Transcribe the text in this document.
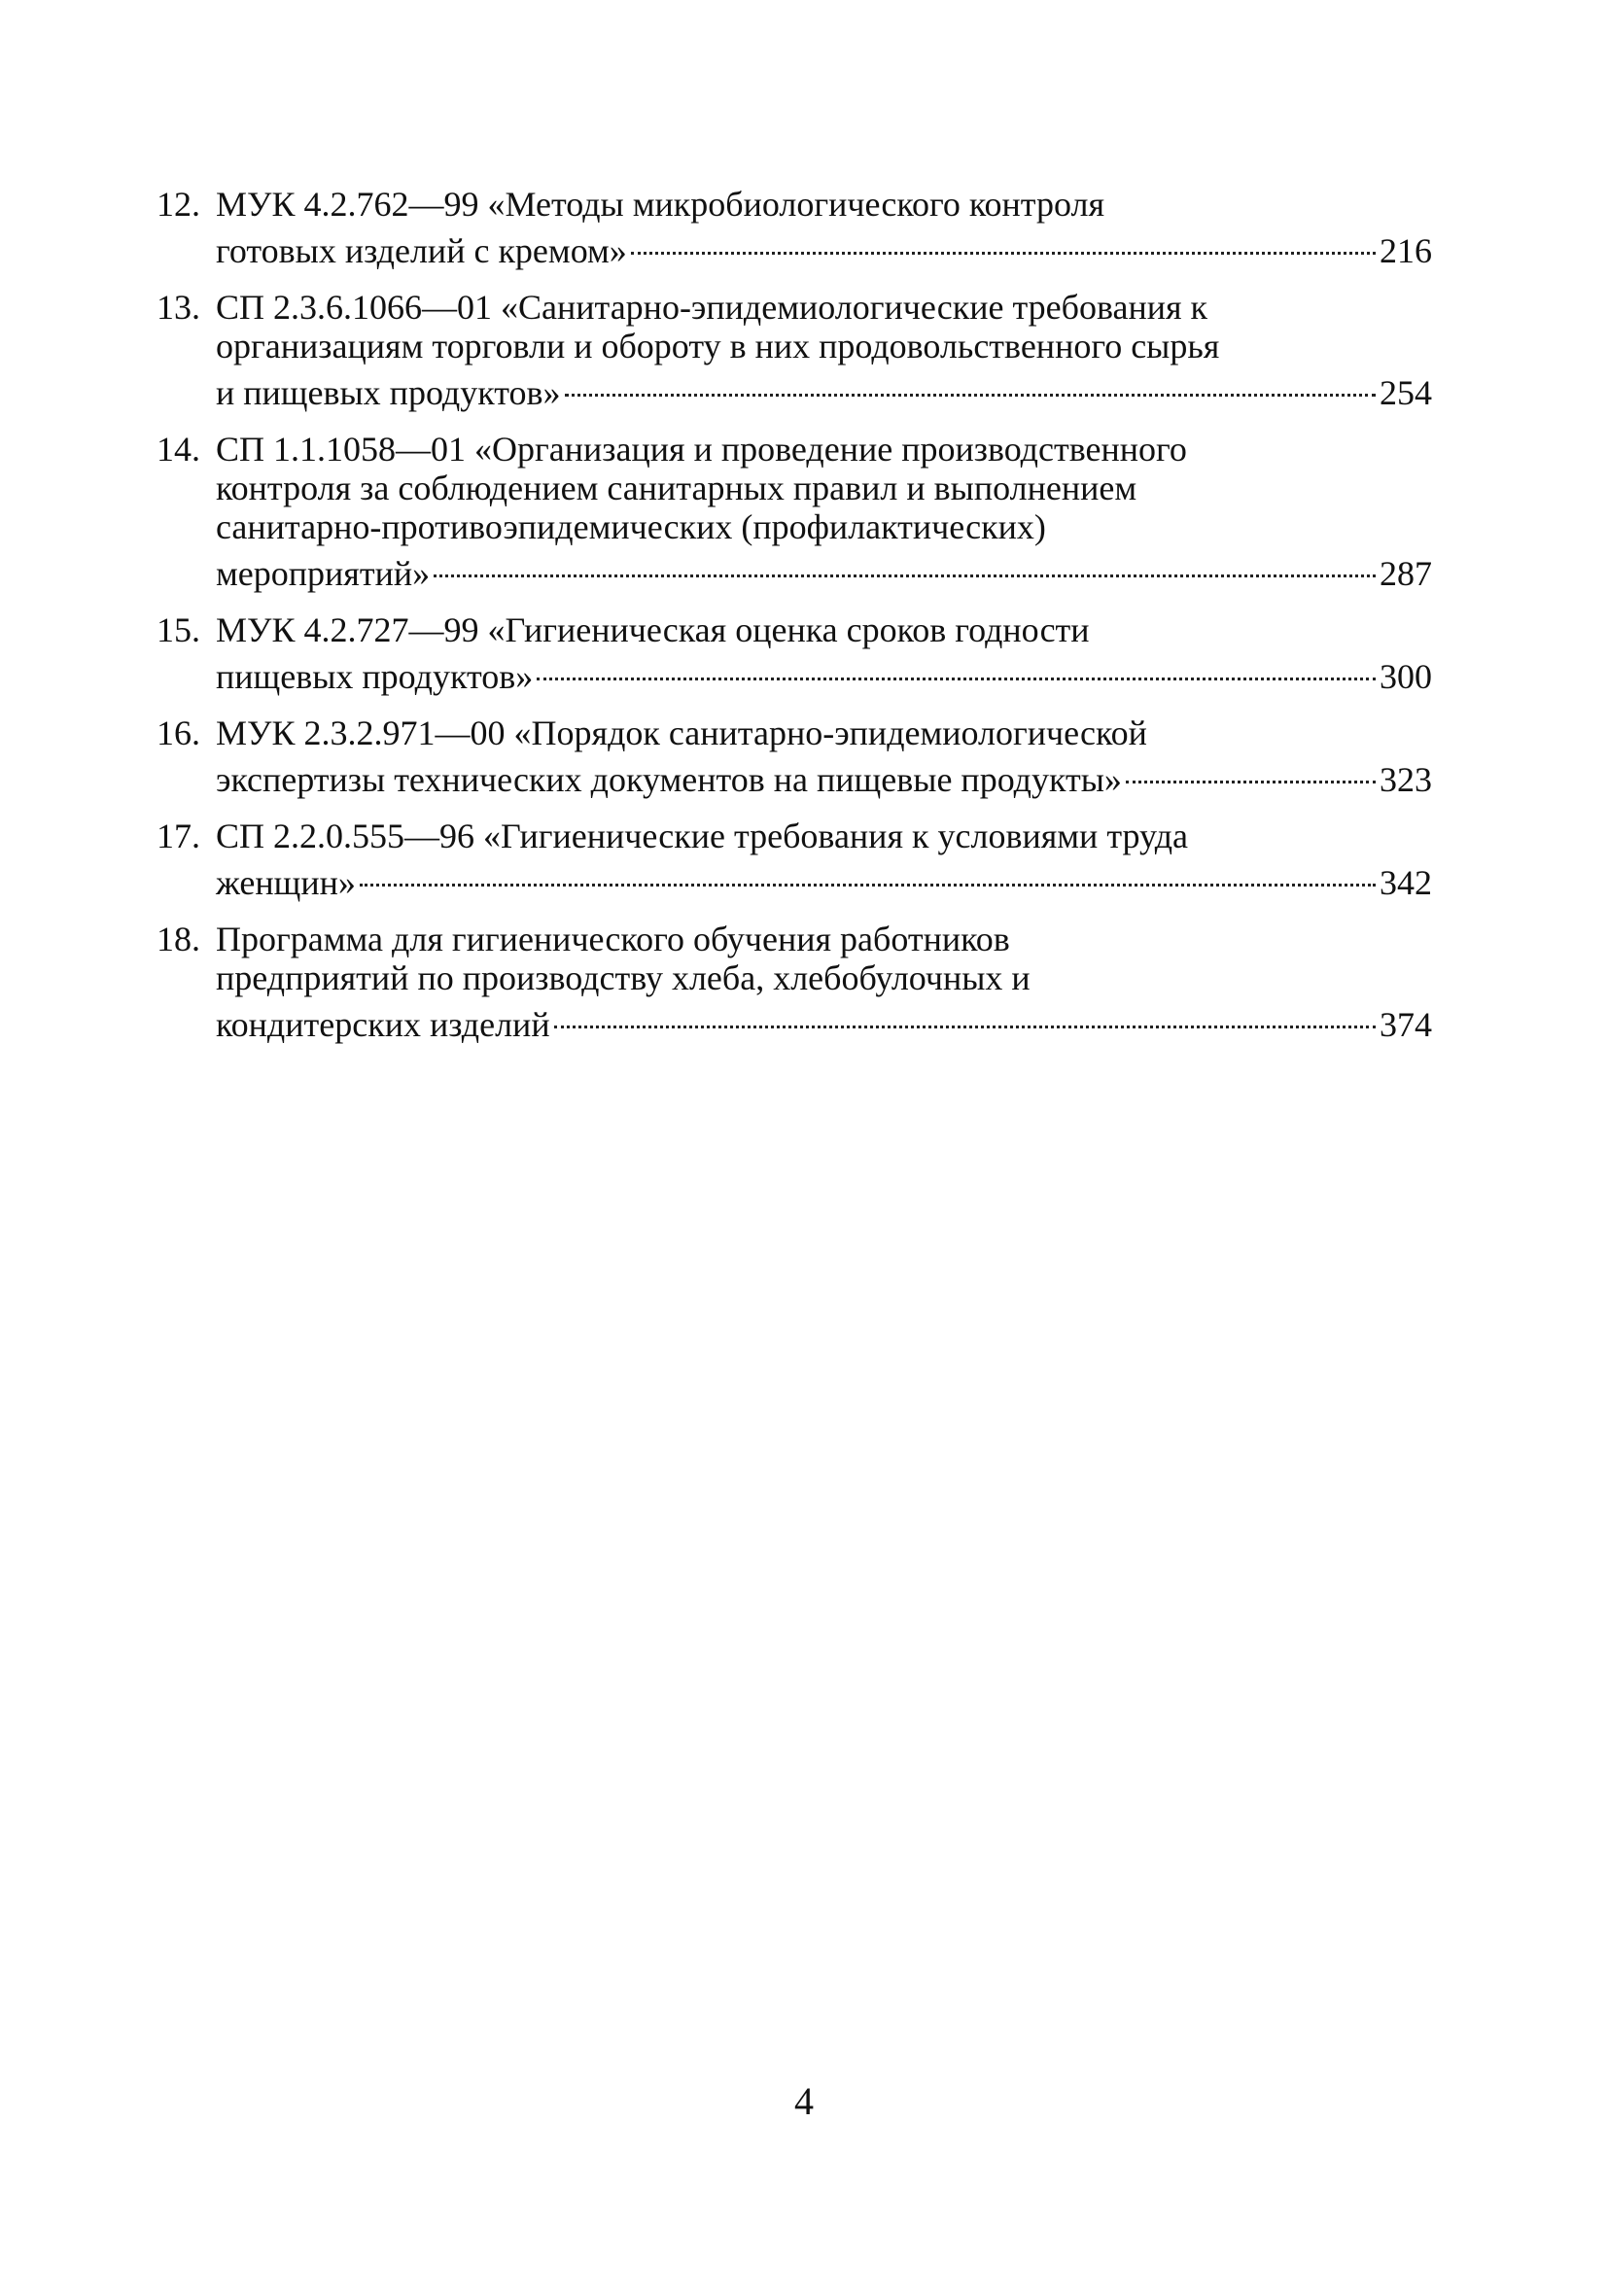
12. МУК 4.2.762—99 «Методы микробиологического контроля
готовых изделий с кремом»	216
13. СП 2.3.6.1066—01 «Санитарно-эпидемиологические требования к
организациям торговли и обороту в них продовольственного сырья
и пищевых продуктов»	254
14. СП 1.1.1058—01 «Организация и проведение производственного
контроля за соблюдением санитарных правил и выполнением
санитарно-противоэпидемических (профилактических)
мероприятий»	287
15. МУК 4.2.727—99 «Гигиеническая оценка сроков годности
пищевых продуктов»	300
16. МУК 2.3.2.971—00 «Порядок санитарно-эпидемиологической
экспертизы технических документов на пищевые продукты»	323
17. СП 2.2.0.555—96 «Гигиенические требования к условиями труда
женщин»	342
18. Программа для гигиенического обучения работников
предприятий по производству хлеба, хлебобулочных и
кондитерских изделий	374
4
